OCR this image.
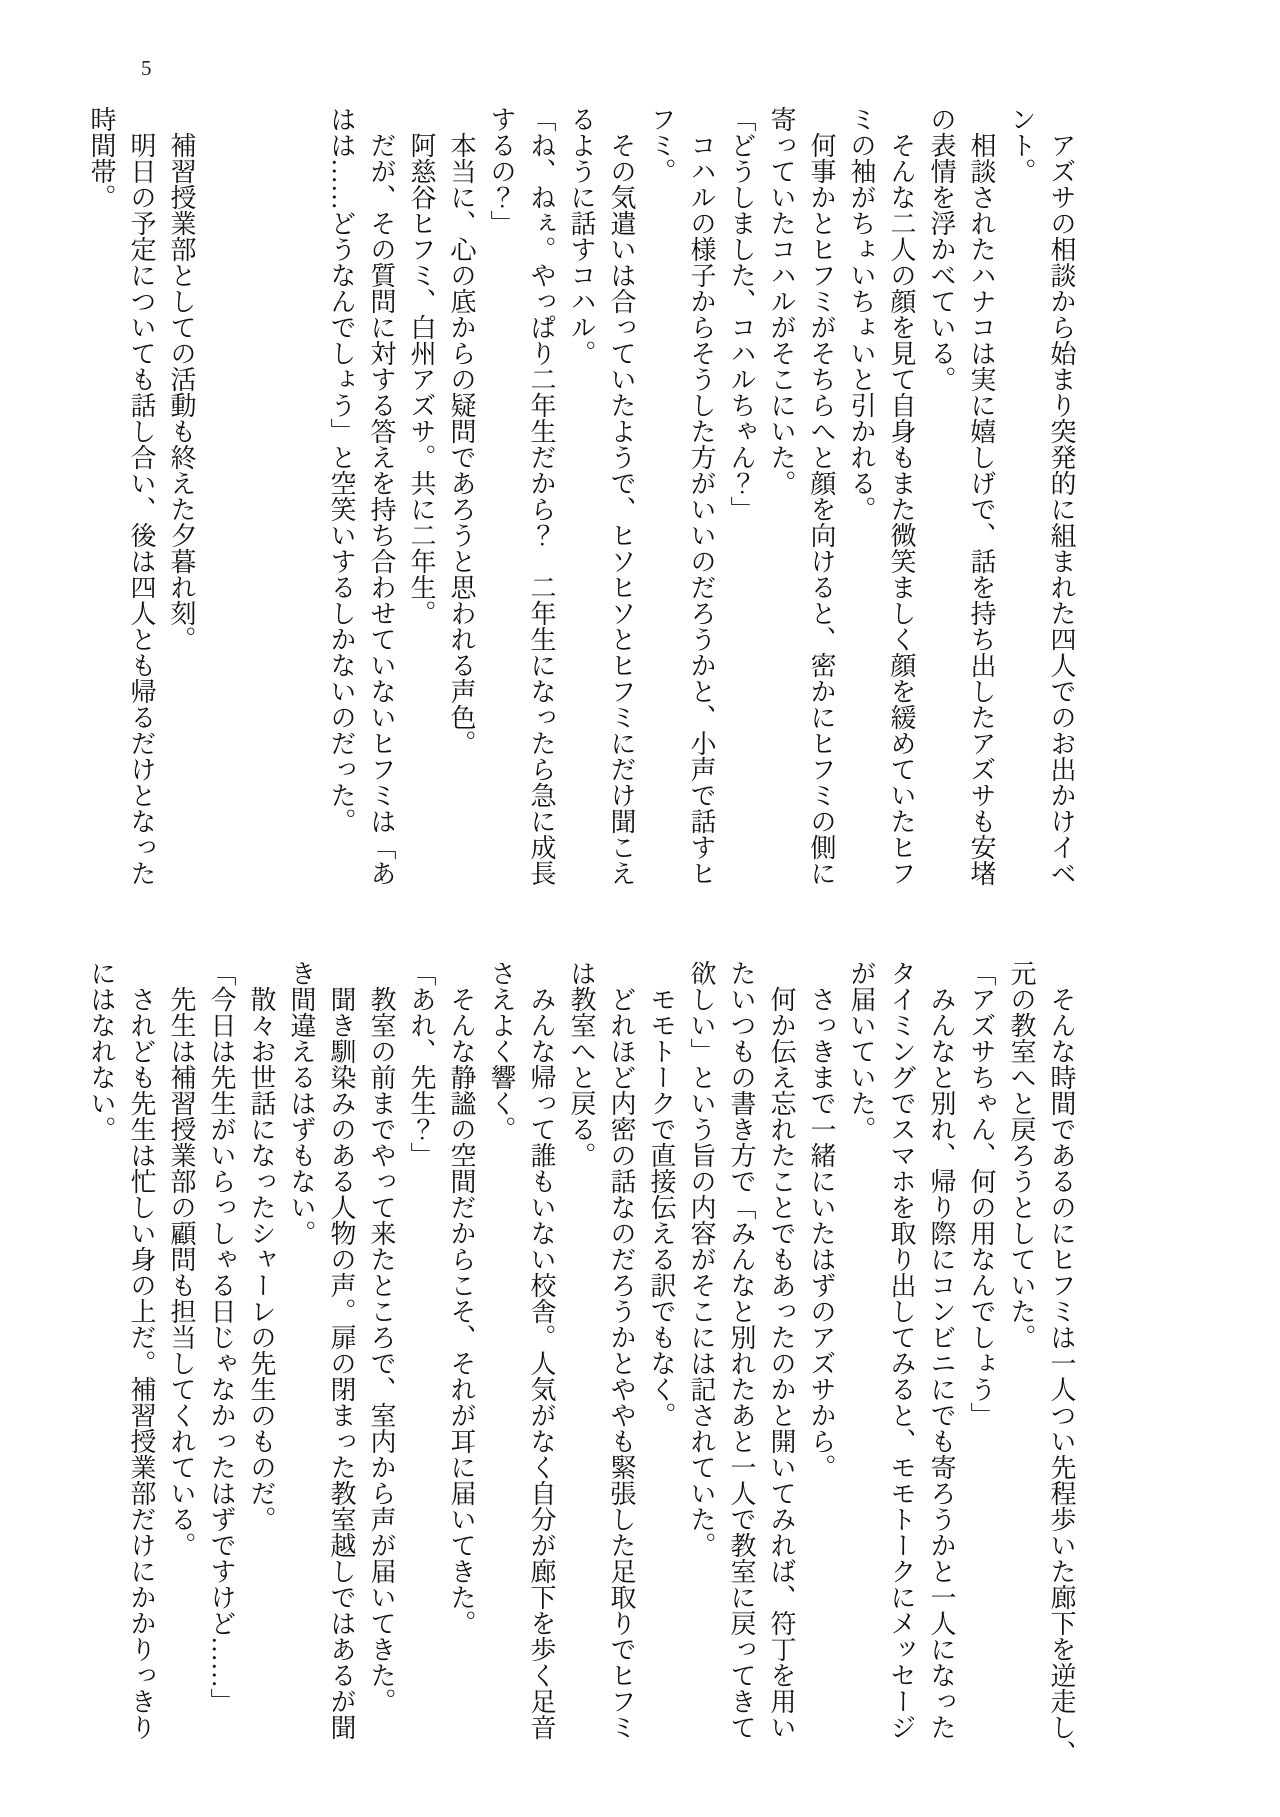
5

　アズサの相談から始まり突発的に組まれた四人でのお出かけイベ

ント。

　相談されたハナコは実に嬉しげで、話を持ち出したアズサも安堵

の表情を浮かべている。

　そんな二人の顔を見て自身もまた微笑ましく顔を緩めていたヒフ

ミの袖がちょいちょいと引かれる。

　何事かとヒフミがそちらへと顔を向けると、密かにヒフミの側に

寄っていたコハルがそこにいた。

「どうしました、コハルちゃん？」

　コハルの様子からそうした方がいいのだろうかと、小声で話すヒ

フミ。

　その気遣いは合っていたようで、ヒソヒソとヒフミにだけ聞こえ

るように話すコハル。

「ね、ねぇ。やっぱり二年生だから？　二年生になったら急に成長

するの？」

　本当に、心の底からの疑問であろうと思われる声色。

　阿慈谷ヒフミ、白州アズサ。共に二年生。

　だが、その質問に対する答えを持ち合わせていないヒフミは「あ

はは……どうなんでしょう」と空笑いするしかないのだった。

　補習授業部としての活動も終えた夕暮れ刻。

　明日の予定についても話し合い、後は四人とも帰るだけとなった

時間帯。

　そんな時間であるのにヒフミは一人つい先程歩いた廊下を逆走し、

元の教室へと戻ろうとしていた。

「アズサちゃん、何の用なんでしょう」

　みんなと別れ、帰り際にコンビニにでも寄ろうかと一人になった

タイミングでスマホを取り出してみると、モモトークにメッセージ

が届いていた。

　さっきまで一緒にいたはずのアズサから。

　何か伝え忘れたことでもあったのかと開いてみれば、符丁を用い

たいつもの書き方で「みんなと別れたあと一人で教室に戻ってきて

欲しい」という旨の内容がそこには記されていた。

　モモトークで直接伝える訳でもなく。

　どれほど内密の話なのだろうかとややも緊張した足取りでヒフミ

は教室へと戻る。

　みんな帰って誰もいない校舎。人気がなく自分が廊下を歩く足音

さえよく響く。

　そんな静謐の空間だからこそ、それが耳に届いてきた。

「あれ、先生？」

　教室の前までやって来たところで、室内から声が届いてきた。

　聞き馴染みのある人物の声。扉の閉まった教室越しではあるが聞

き間違えるはずもない。

　散々お世話になったシャーレの先生のものだ。

「今日は先生がいらっしゃる日じゃなかったはずですけど……」

　先生は補習授業部の顧問も担当してくれている。

　されども先生は忙しい身の上だ。補習授業部だけにかかりっきり

にはなれない。
